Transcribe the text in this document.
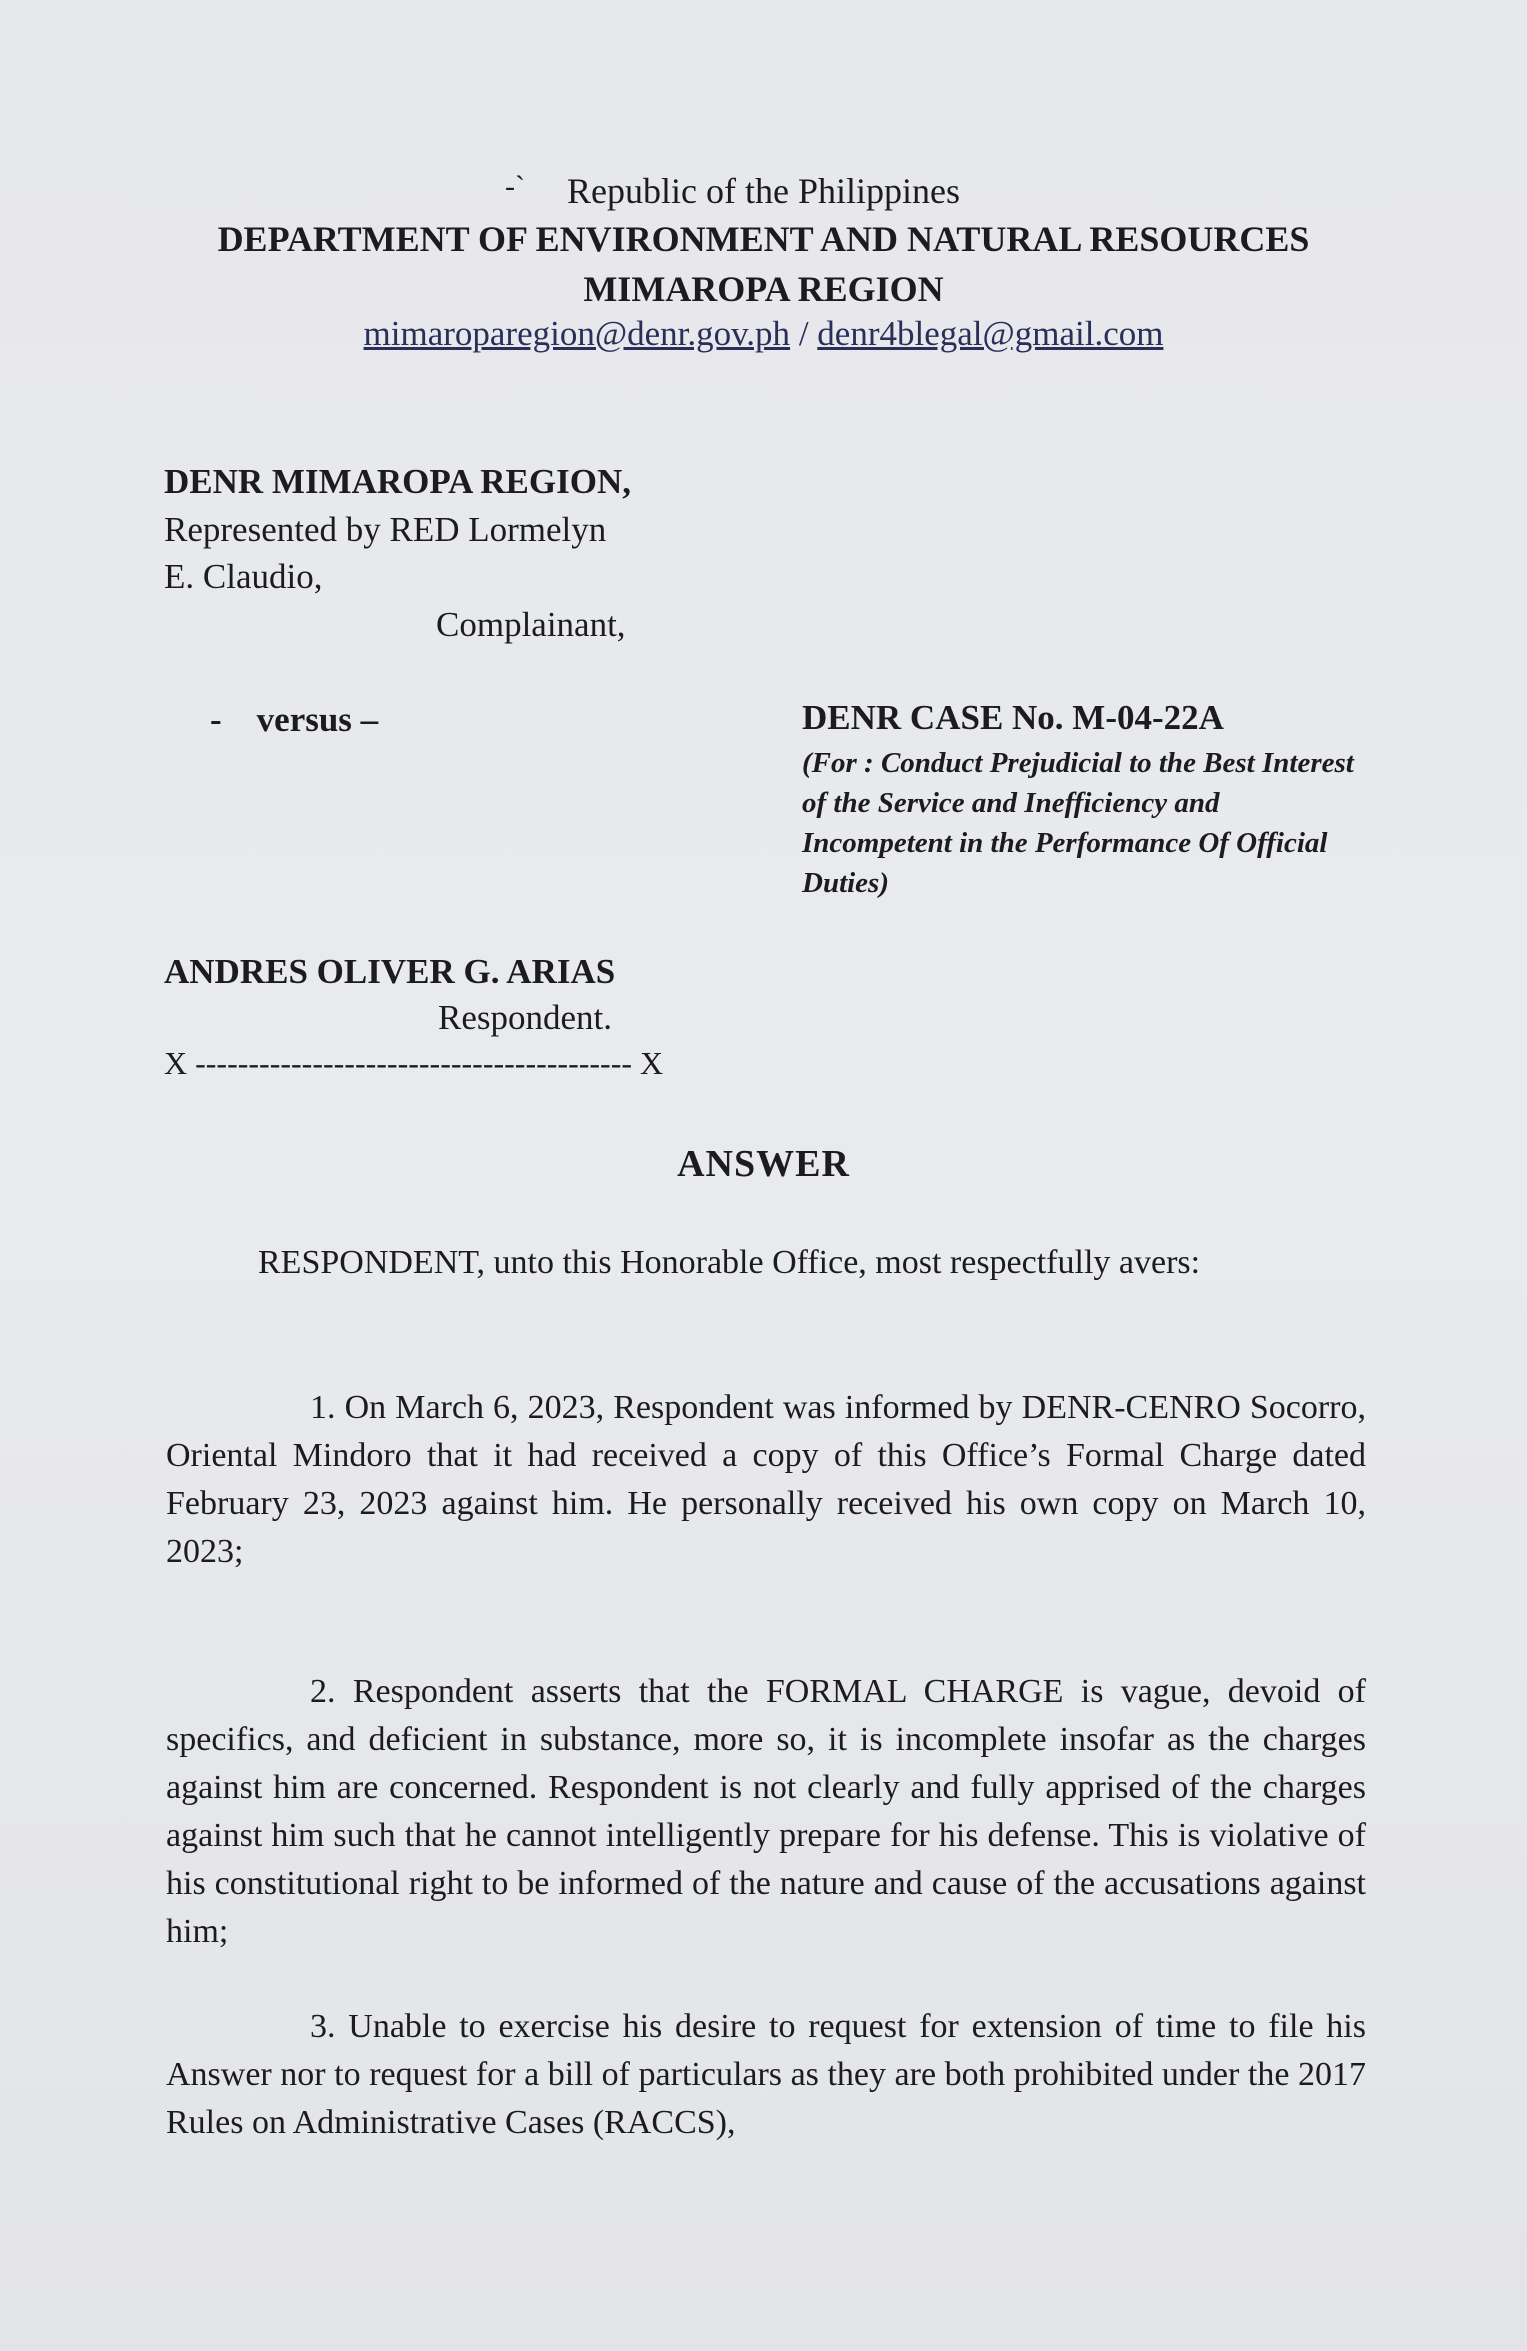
-`	Republic of the Philippines
DEPARTMENT OF ENVIRONMENT AND NATURAL RESOURCES
MIMAROPA REGION
mimaroparegion@denr.gov.ph / denr4blegal@gmail.com
DENR MIMAROPA REGION,
Represented by RED Lormelyn
E. Claudio,
Complainant,
-    versus –	DENR CASE No. M-04-22A
(For : Conduct Prejudicial to the Best Interest of the Service and Inefficiency and Incompetent in the Performance Of Official Duties)
ANDRES OLIVER G. ARIAS
Respondent.
X ----------------------------------------- X
ANSWER
RESPONDENT, unto this Honorable Office, most respectfully avers:
1. On March 6, 2023, Respondent was informed by DENR-CENRO Socorro, Oriental Mindoro that it had received a copy of this Office’s Formal Charge dated February 23, 2023 against him. He personally received his own copy on March 10, 2023;
2. Respondent asserts that the FORMAL CHARGE is vague, devoid of specifics, and deficient in substance, more so, it is incomplete insofar as the charges against him are concerned. Respondent is not clearly and fully apprised of the charges against him such that he cannot intelligently prepare for his defense. This is violative of his constitutional right to be informed of the nature and cause of the accusations against him;
3. Unable to exercise his desire to request for extension of time to file his Answer nor to request for a bill of particulars as they are both prohibited under the 2017 Rules on Administrative Cases (RACCS),
